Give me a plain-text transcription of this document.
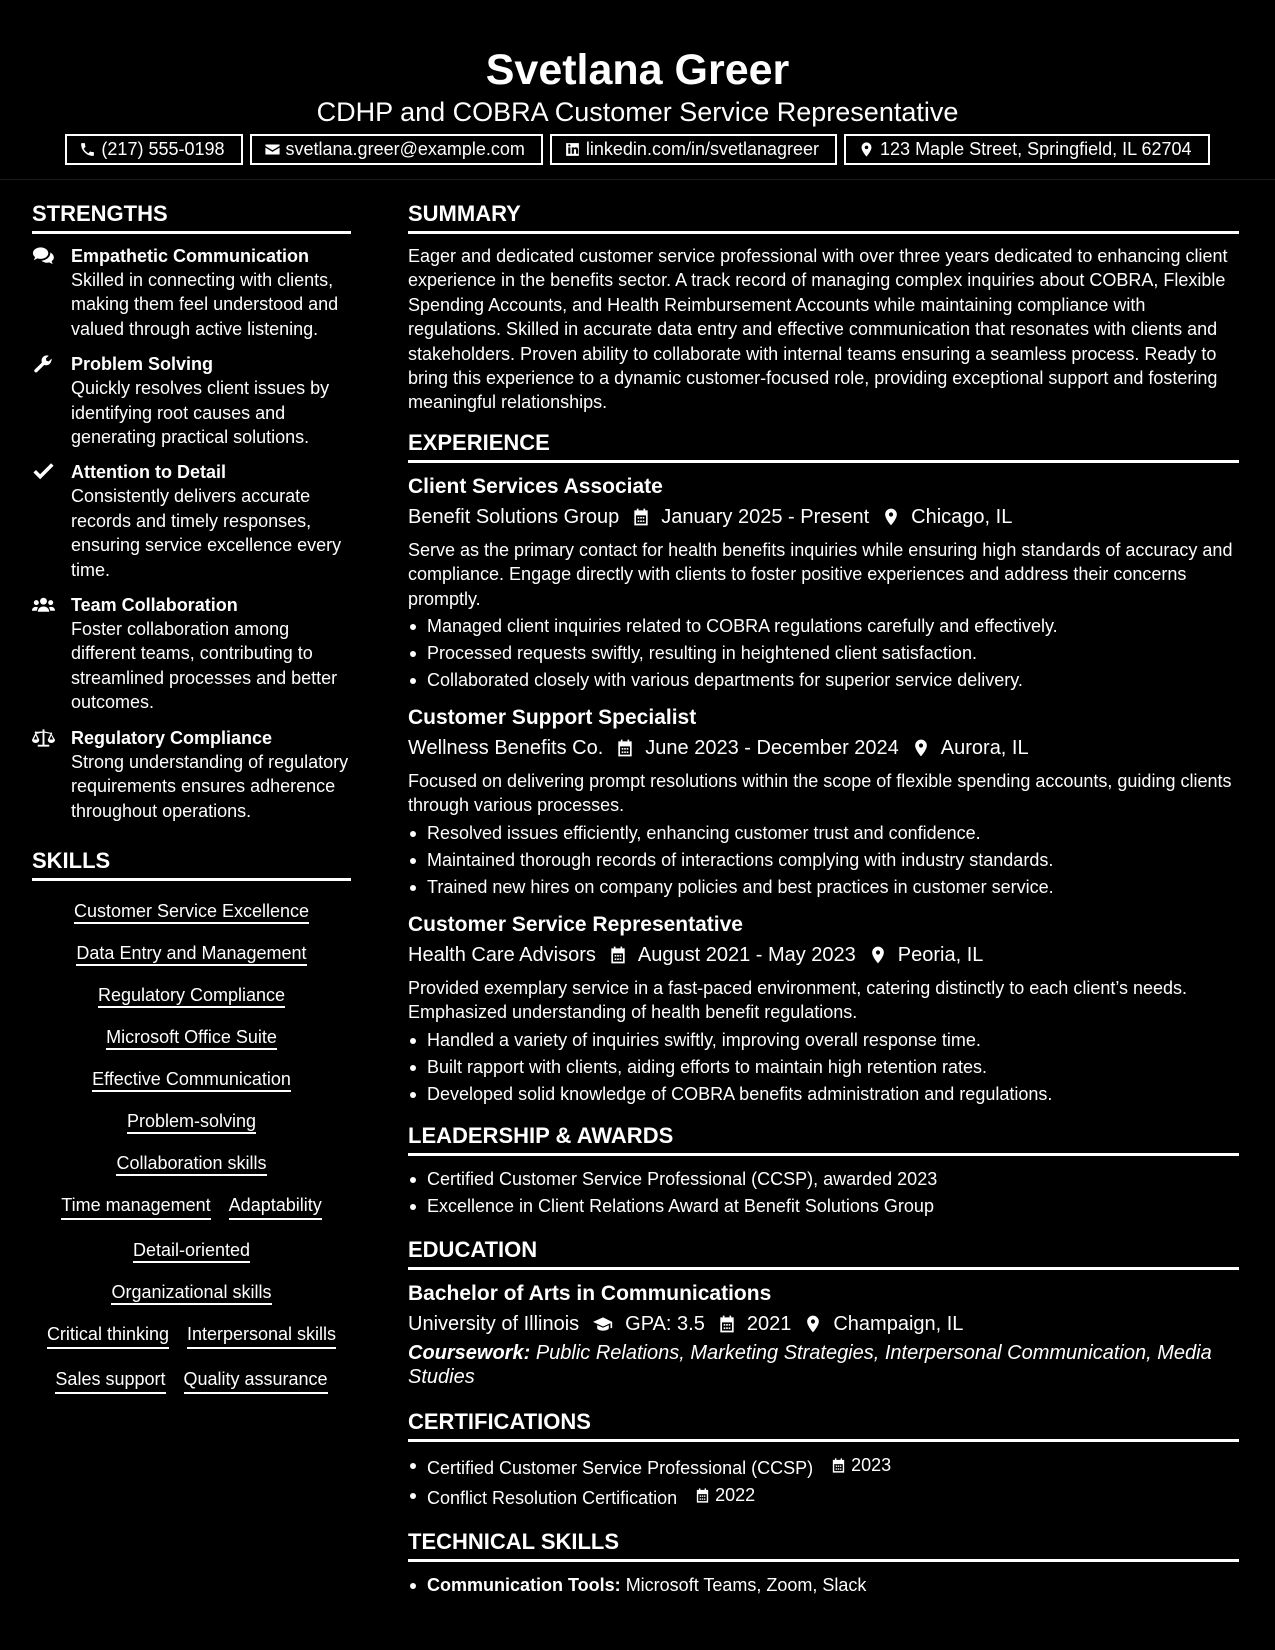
Svetlana Greer
CDHP and COBRA Customer Service Representative
(217) 555-0198	svetlana.greer@example.com	linkedin.com/in/svetlanagreer	123 Maple Street, Springfield, IL 62704
STRENGTHS
Empathetic Communication
Skilled in connecting with clients, making them feel understood and valued through active listening.
Problem Solving
Quickly resolves client issues by identifying root causes and generating practical solutions.
Attention to Detail
Consistently delivers accurate records and timely responses, ensuring service excellence every time.
Team Collaboration
Foster collaboration among different teams, contributing to streamlined processes and better outcomes.
Regulatory Compliance
Strong understanding of regulatory requirements ensures adherence throughout operations.
SKILLS
Customer Service Excellence
Data Entry and Management
Regulatory Compliance
Microsoft Office Suite
Effective Communication
Problem-solving
Collaboration skills
Time management Adaptability
Detail-oriented
Organizational skills
Critical thinking Interpersonal skills
Sales support Quality assurance
SUMMARY
Eager and dedicated customer service professional with over three years dedicated to enhancing client experience in the benefits sector. A track record of managing complex inquiries about COBRA, Flexible Spending Accounts, and Health Reimbursement Accounts while maintaining compliance with regulations. Skilled in accurate data entry and effective communication that resonates with clients and stakeholders. Proven ability to collaborate with internal teams ensuring a seamless process. Ready to bring this experience to a dynamic customer-focused role, providing exceptional support and fostering meaningful relationships.
EXPERIENCE
Client Services Associate
Benefit Solutions Group January 2025 - Present Chicago, IL
Serve as the primary contact for health benefits inquiries while ensuring high standards of accuracy and compliance. Engage directly with clients to foster positive experiences and address their concerns promptly.
Managed client inquiries related to COBRA regulations carefully and effectively.
Processed requests swiftly, resulting in heightened client satisfaction.
Collaborated closely with various departments for superior service delivery.
Customer Support Specialist
Wellness Benefits Co. June 2023 - December 2024 Aurora, IL
Focused on delivering prompt resolutions within the scope of flexible spending accounts, guiding clients through various processes.
Resolved issues efficiently, enhancing customer trust and confidence.
Maintained thorough records of interactions complying with industry standards.
Trained new hires on company policies and best practices in customer service.
Customer Service Representative
Health Care Advisors August 2021 - May 2023 Peoria, IL
Provided exemplary service in a fast-paced environment, catering distinctly to each client’s needs. Emphasized understanding of health benefit regulations.
Handled a variety of inquiries swiftly, improving overall response time.
Built rapport with clients, aiding efforts to maintain high retention rates.
Developed solid knowledge of COBRA benefits administration and regulations.
LEADERSHIP & AWARDS
Certified Customer Service Professional (CCSP), awarded 2023
Excellence in Client Relations Award at Benefit Solutions Group
EDUCATION
Bachelor of Arts in Communications
University of Illinois GPA: 3.5 2021 Champaign, IL
Coursework: Public Relations, Marketing Strategies, Interpersonal Communication, Media Studies
CERTIFICATIONS
Certified Customer Service Professional (CCSP) 2023
Conflict Resolution Certification 2022
TECHNICAL SKILLS
Communication Tools: Microsoft Teams, Zoom, Slack
